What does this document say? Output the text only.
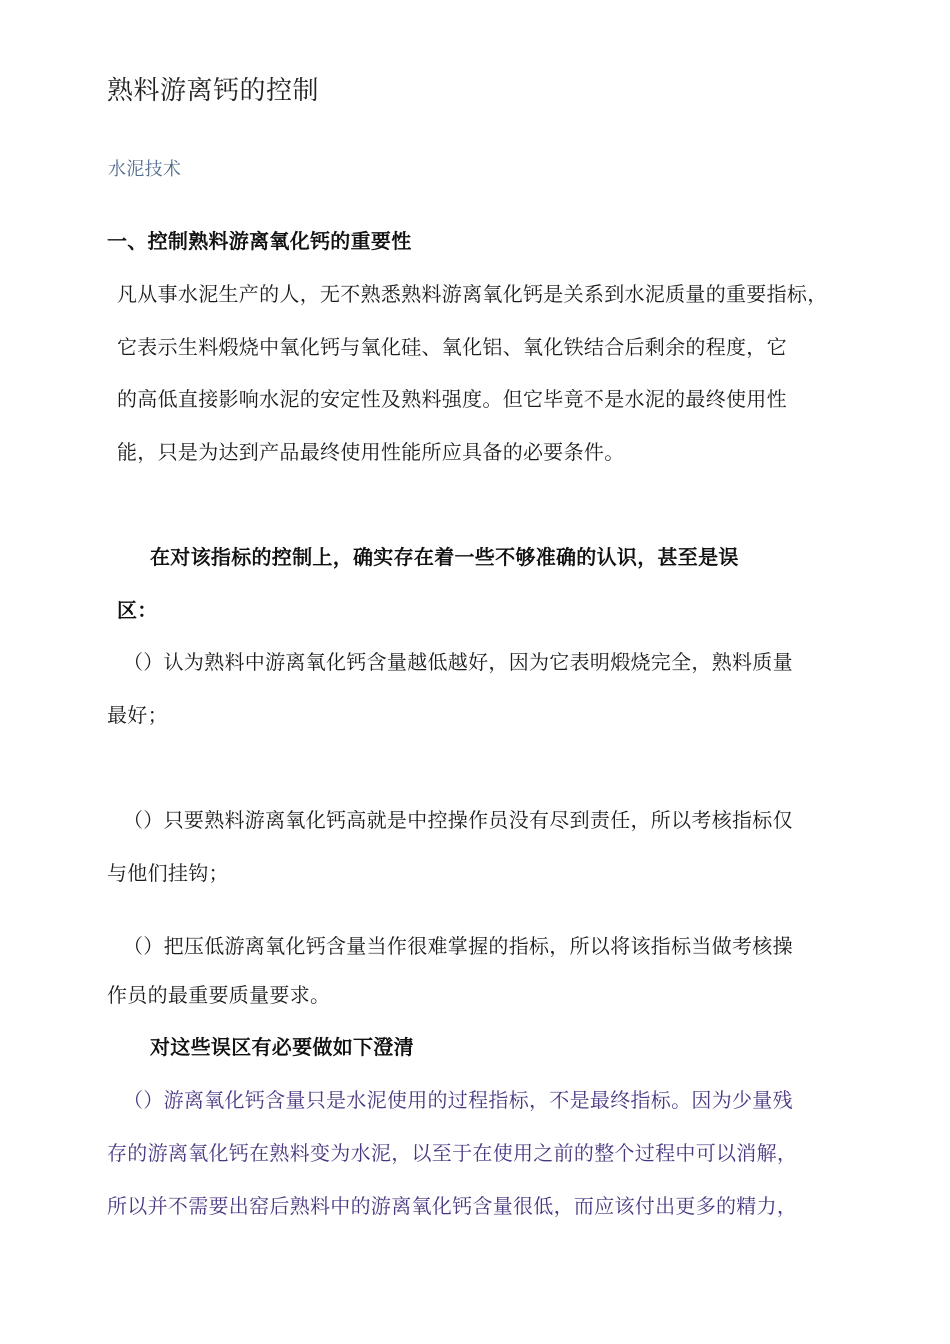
熟料游离钙的控制
水泥技术
一、控制熟料游离氧化钙的重要性
凡从事水泥生产的人，无不熟悉熟料游离氧化钙是关系到水泥质量的重要指标，
它表示生料煅烧中氧化钙与氧化硅、氧化铝、氧化铁结合后剩余的程度，它
的高低直接影响水泥的安定性及熟料强度。但它毕竟不是水泥的最终使用性
能，只是为达到产品最终使用性能所应具备的必要条件。
在对该指标的控制上，确实存在着一些不够准确的认识，甚至是误
区：
（）认为熟料中游离氧化钙含量越低越好，因为它表明煅烧完全，熟料质量
最好；
（）只要熟料游离氧化钙高就是中控操作员没有尽到责任，所以考核指标仅
与他们挂钩；
（）把压低游离氧化钙含量当作很难掌握的指标，所以将该指标当做考核操
作员的最重要质量要求。
对这些误区有必要做如下澄清
（）游离氧化钙含量只是水泥使用的过程指标，不是最终指标。因为少量残
存的游离氧化钙在熟料变为水泥，以至于在使用之前的整个过程中可以消解，
所以并不需要出窑后熟料中的游离氧化钙含量很低，而应该付出更多的精力，
